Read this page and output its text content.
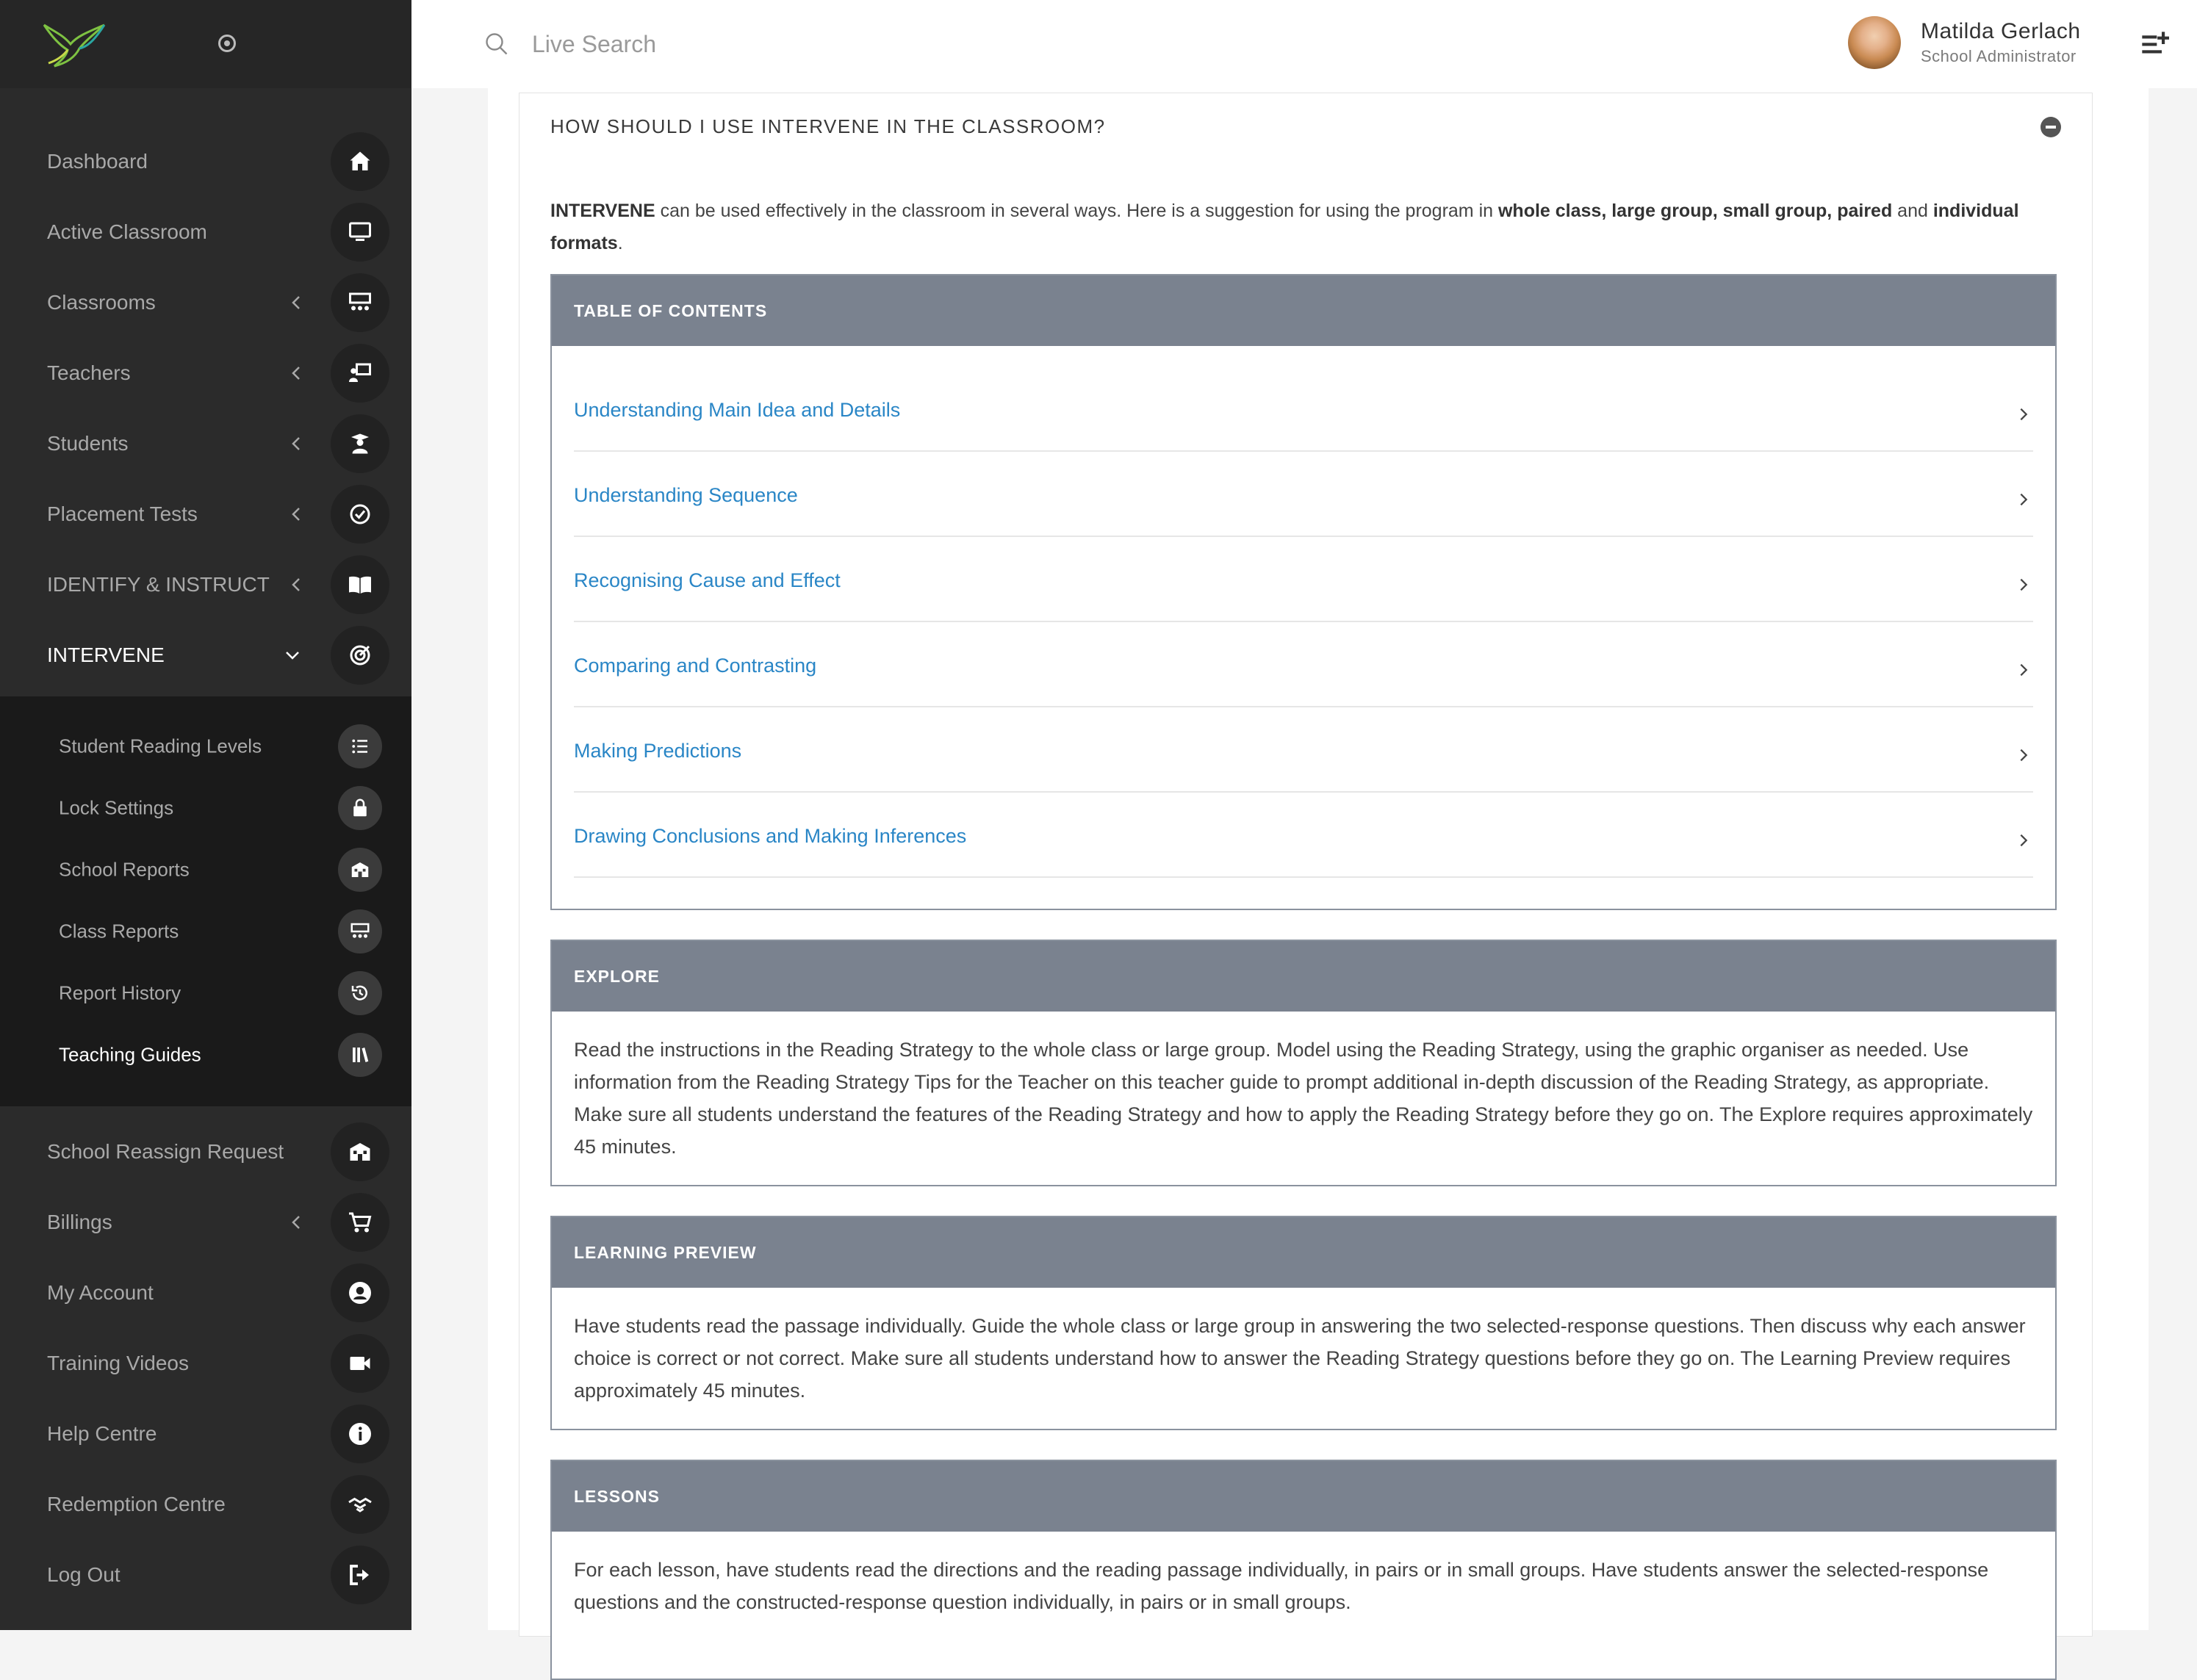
Dashboard
Active Classroom
Classrooms
Teachers
Students
Placement Tests
IDENTIFY & INSTRUCT
INTERVENE
Student Reading Levels
Lock Settings
School Reports
Class Reports
Report History
Teaching Guides
School Reassign Request
Billings
My Account
Training Videos
Help Centre
Redemption Centre
Log Out
Live Search
Matilda Gerlach
School Administrator
HOW SHOULD I USE INTERVENE IN THE CLASSROOM?
INTERVENE can be used effectively in the classroom in several ways. Here is a suggestion for using the program in whole class, large group, small group, paired and individual formats.
TABLE OF CONTENTS
Understanding Main Idea and Details
Understanding Sequence
Recognising Cause and Effect
Comparing and Contrasting
Making Predictions
Drawing Conclusions and Making Inferences
EXPLORE
Read the instructions in the Reading Strategy to the whole class or large group. Model using the Reading Strategy, using the graphic organiser as needed. Use information from the Reading Strategy Tips for the Teacher on this teacher guide to prompt additional in-depth discussion of the Reading Strategy, as appropriate. Make sure all students understand the features of the Reading Strategy and how to apply the Reading Strategy before they go on. The Explore requires approximately 45 minutes.
LEARNING PREVIEW
Have students read the passage individually. Guide the whole class or large group in answering the two selected-response questions. Then discuss why each answer choice is correct or not correct. Make sure all students understand how to answer the Reading Strategy questions before they go on. The Learning Preview requires approximately 45 minutes.
LESSONS
For each lesson, have students read the directions and the reading passage individually, in pairs or in small groups. Have students answer the selected-response questions and the constructed-response question individually, in pairs or in small groups.
